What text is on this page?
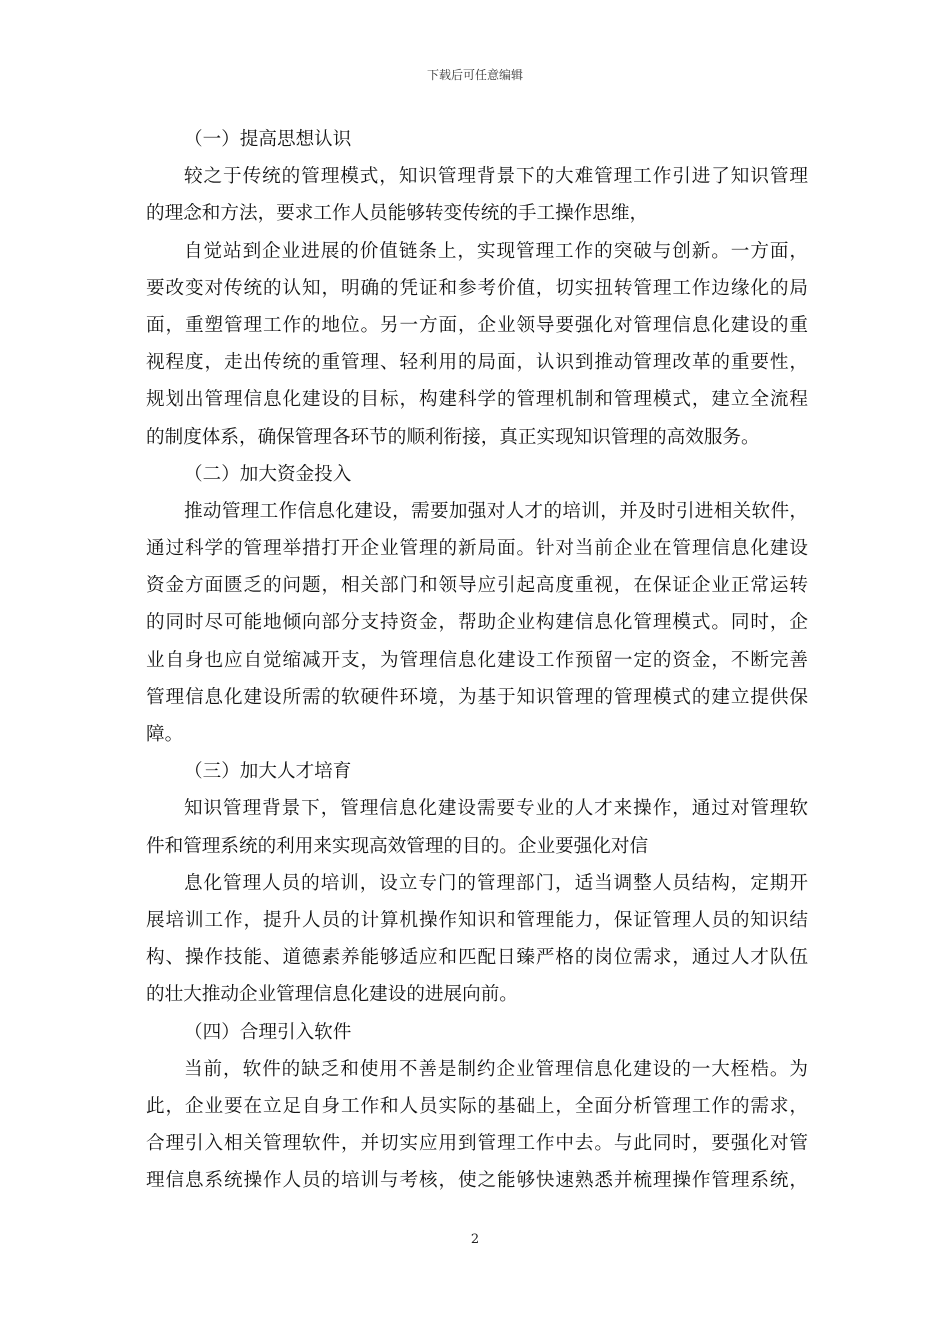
下载后可任意编辑
（一）提高思想认识
较之于传统的管理模式，知识管理背景下的大难管理工作引进了知识管理
的理念和方法，要求工作人员能够转变传统的手工操作思维，
自觉站到企业进展的价值链条上，实现管理工作的突破与创新。一方面，
要改变对传统的认知，明确的凭证和参考价值，切实扭转管理工作边缘化的局
面，重塑管理工作的地位。另一方面，企业领导要强化对管理信息化建设的重
视程度，走出传统的重管理、轻利用的局面，认识到推动管理改革的重要性，
规划出管理信息化建设的目标，构建科学的管理机制和管理模式，建立全流程
的制度体系，确保管理各环节的顺利衔接，真正实现知识管理的高效服务。
（二）加大资金投入
推动管理工作信息化建设，需要加强对人才的培训，并及时引进相关软件，
通过科学的管理举措打开企业管理的新局面。针对当前企业在管理信息化建设
资金方面匮乏的问题，相关部门和领导应引起高度重视，在保证企业正常运转
的同时尽可能地倾向部分支持资金，帮助企业构建信息化管理模式。同时，企
业自身也应自觉缩减开支，为管理信息化建设工作预留一定的资金，不断完善
管理信息化建设所需的软硬件环境，为基于知识管理的管理模式的建立提供保
障。
（三）加大人才培育
知识管理背景下，管理信息化建设需要专业的人才来操作，通过对管理软
件和管理系统的利用来实现高效管理的目的。企业要强化对信
息化管理人员的培训，设立专门的管理部门，适当调整人员结构，定期开
展培训工作，提升人员的计算机操作知识和管理能力，保证管理人员的知识结
构、操作技能、道德素养能够适应和匹配日臻严格的岗位需求，通过人才队伍
的壮大推动企业管理信息化建设的进展向前。
（四）合理引入软件
当前，软件的缺乏和使用不善是制约企业管理信息化建设的一大桎梏。为
此，企业要在立足自身工作和人员实际的基础上，全面分析管理工作的需求，
合理引入相关管理软件，并切实应用到管理工作中去。与此同时，要强化对管
理信息系统操作人员的培训与考核，使之能够快速熟悉并梳理操作管理系统，
2
